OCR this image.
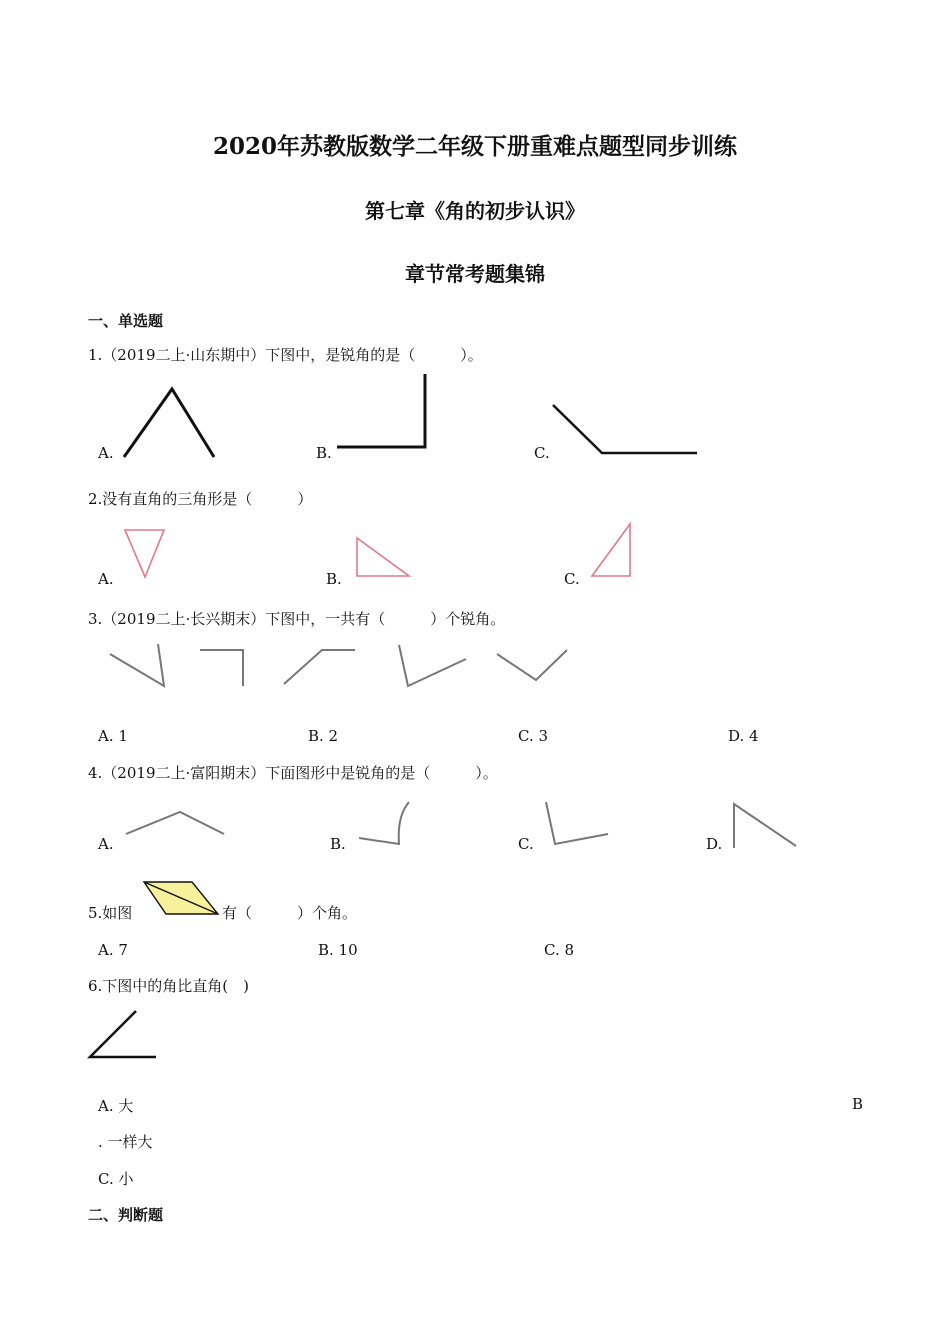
2020年苏教版数学二年级下册重难点题型同步训练
第七章《角的初步认识》
章节常考题集锦
一、单选题
1.（2019二上·山东期中）下图中，是锐角的是（　　　）。
A.	B.	C.
2.没有直角的三角形是（　　　）
A.	B.	C.
3.（2019二上·长兴期末）下图中，一共有（　　　）个锐角。
A. 1	B. 2	C. 3	D. 4
4.（2019二上·富阳期末）下面图形中是锐角的是（　　　）。
A.	B.	C.	D.
5.如图	有（　　　）个角。
A. 7	B. 10	C. 8
6.下图中的角比直角(　)
A. 大	B
. 一样大
C. 小
二、判断题
